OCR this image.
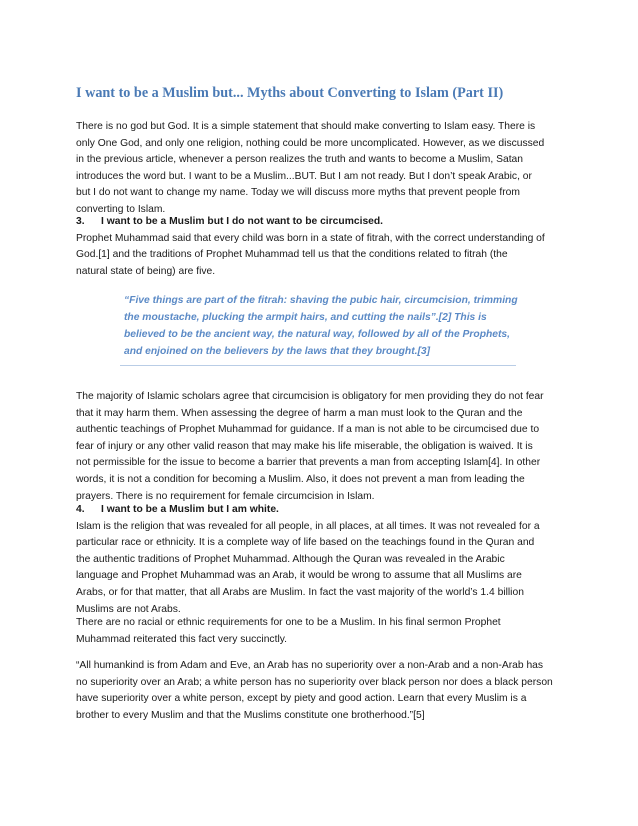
I want to be a Muslim but... Myths about Converting to Islam (Part II)

There is no god but God. It is a simple statement that should make converting to Islam easy. There is
only One God, and only one religion, nothing could be more uncomplicated. However, as we discussed
in the previous article, whenever a person realizes the truth and wants to become a Muslim, Satan
introduces the word but. I want to be a Muslim...BUT. But I am not ready. But I don’t speak Arabic, or
but I do not want to change my name. Today we will discuss more myths that prevent people from
converting to Islam.

3. I want to be a Muslim but I do not want to be circumcised.
Prophet Muhammad said that every child was born in a state of fitrah, with the correct understanding of
God.[1] and the traditions of Prophet Muhammad tell us that the conditions related to fitrah (the
natural state of being) are five.

“Five things are part of the fitrah: shaving the pubic hair, circumcision, trimming
the moustache, plucking the armpit hairs, and cutting the nails”.[2] This is
believed to be the ancient way, the natural way, followed by all of the Prophets,
and enjoined on the believers by the laws that they brought.[3]

The majority of Islamic scholars agree that circumcision is obligatory for men providing they do not fear
that it may harm them. When assessing the degree of harm a man must look to the Quran and the
authentic teachings of Prophet Muhammad for guidance. If a man is not able to be circumcised due to
fear of injury or any other valid reason that may make his life miserable, the obligation is waived. It is
not permissible for the issue to become a barrier that prevents a man from accepting Islam[4]. In other
words, it is not a condition for becoming a Muslim. Also, it does not prevent a man from leading the
prayers. There is no requirement for female circumcision in Islam.

4. I want to be a Muslim but I am white.
Islam is the religion that was revealed for all people, in all places, at all times. It was not revealed for a
particular race or ethnicity. It is a complete way of life based on the teachings found in the Quran and
the authentic traditions of Prophet Muhammad. Although the Quran was revealed in the Arabic
language and Prophet Muhammad was an Arab, it would be wrong to assume that all Muslims are
Arabs, or for that matter, that all Arabs are Muslim. In fact the vast majority of the world’s 1.4 billion
Muslims are not Arabs.

There are no racial or ethnic requirements for one to be a Muslim. In his final sermon Prophet
Muhammad reiterated this fact very succinctly.

“All humankind is from Adam and Eve, an Arab has no superiority over a non-Arab and a non-Arab has
no superiority over an Arab; a white person has no superiority over black person nor does a black person
have superiority over a white person, except by piety and good action. Learn that every Muslim is a
brother to every Muslim and that the Muslims constitute one brotherhood.”[5]
